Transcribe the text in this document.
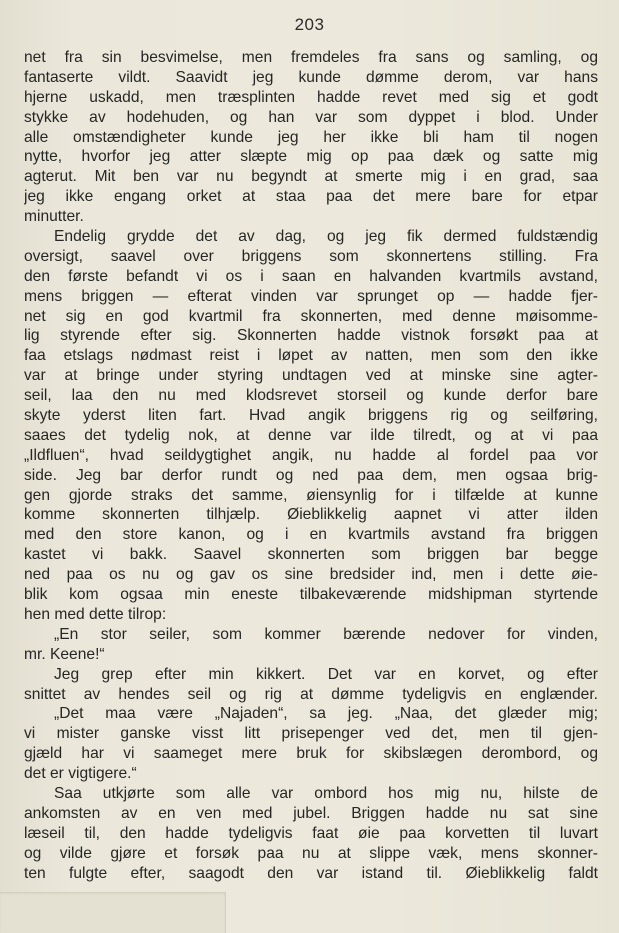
203
net fra sin besvimelse, men fremdeles fra sans og samling, og
fantaserte vildt. Saavidt jeg kunde dømme derom, var hans
hjerne uskadd, men træsplinten hadde revet med sig et godt
stykke av hodehuden, og han var som dyppet i blod. Under
alle omstændigheter kunde jeg her ikke bli ham til nogen
nytte, hvorfor jeg atter slæpte mig op paa dæk og satte mig
agterut. Mit ben var nu begyndt at smerte mig i en grad, saa
jeg ikke engang orket at staa paa det mere bare for etpar
minutter.
Endelig grydde det av dag, og jeg fik dermed fuldstændig
oversigt, saavel over briggens som skonnertens stilling. Fra
den første befandt vi os i saan en halvanden kvartmils avstand,
mens briggen — efterat vinden var sprunget op — hadde fjer-
net sig en god kvartmil fra skonnerten, med denne møisomme-
lig styrende efter sig. Skonnerten hadde vistnok forsøkt paa at
faa etslags nødmast reist i løpet av natten, men som den ikke
var at bringe under styring undtagen ved at minske sine agter-
seil, laa den nu med klodsrevet storseil og kunde derfor bare
skyte yderst liten fart. Hvad angik briggens rig og seilføring,
saaes det tydelig nok, at denne var ilde tilredt, og at vi paa
„Ildfluen“, hvad seildygtighet angik, nu hadde al fordel paa vor
side. Jeg bar derfor rundt og ned paa dem, men ogsaa brig-
gen gjorde straks det samme, øiensynlig for i tilfælde at kunne
komme skonnerten tilhjælp. Øieblikkelig aapnet vi atter ilden
med den store kanon, og i en kvartmils avstand fra briggen
kastet vi bakk. Saavel skonnerten som briggen bar begge
ned paa os nu og gav os sine bredsider ind, men i dette øie-
blik kom ogsaa min eneste tilbakeværende midshipman styrtende
hen med dette tilrop:
„En stor seiler, som kommer bærende nedover for vinden,
mr. Keene!“
Jeg grep efter min kikkert. Det var en korvet, og efter
snittet av hendes seil og rig at dømme tydeligvis en englænder.
„Det maa være „Najaden“, sa jeg. „Naa, det glæder mig;
vi mister ganske visst litt prisepenger ved det, men til gjen-
gjæld har vi saameget mere bruk for skibslægen derombord, og
det er vigtigere.“
Saa utkjørte som alle var ombord hos mig nu, hilste de
ankomsten av en ven med jubel. Briggen hadde nu sat sine
læseil til, den hadde tydeligvis faat øie paa korvetten til luvart
og vilde gjøre et forsøk paa nu at slippe væk, mens skonner-
ten fulgte efter, saagodt den var istand til. Øieblikkelig faldt
